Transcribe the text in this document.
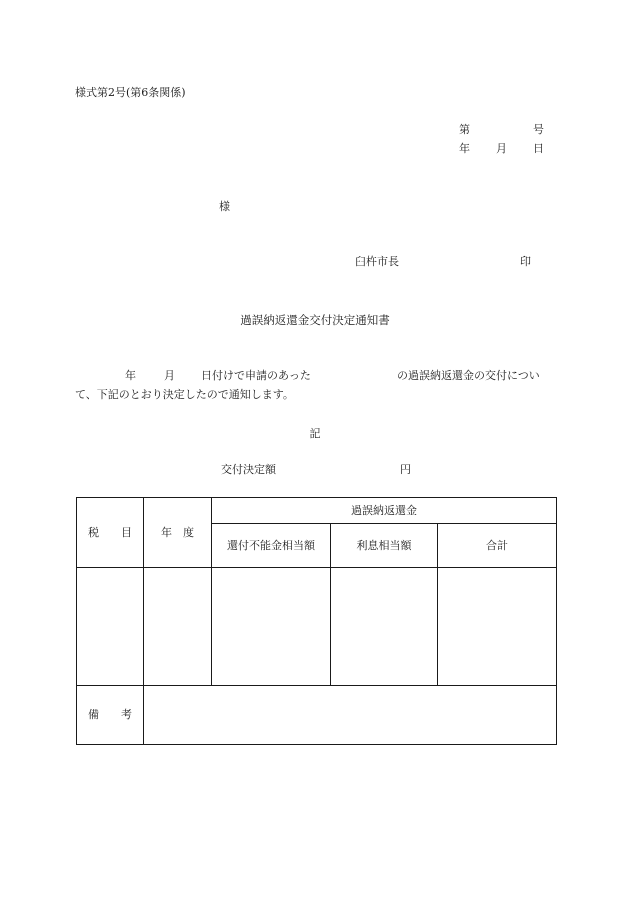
様式第2号(第6条関係)
第	号
年 月 日
様
臼杵市長	印
過誤納返還金交付決定通知書
年	月 日付けで申請のあった	の過誤納返還金の交付につい
て、下記のとおり決定したので通知します。
記
交付決定額	円
税　　目	年　度	過誤納返還金		
		還付不能金相当額	利息相当額	合計

備　　考				
